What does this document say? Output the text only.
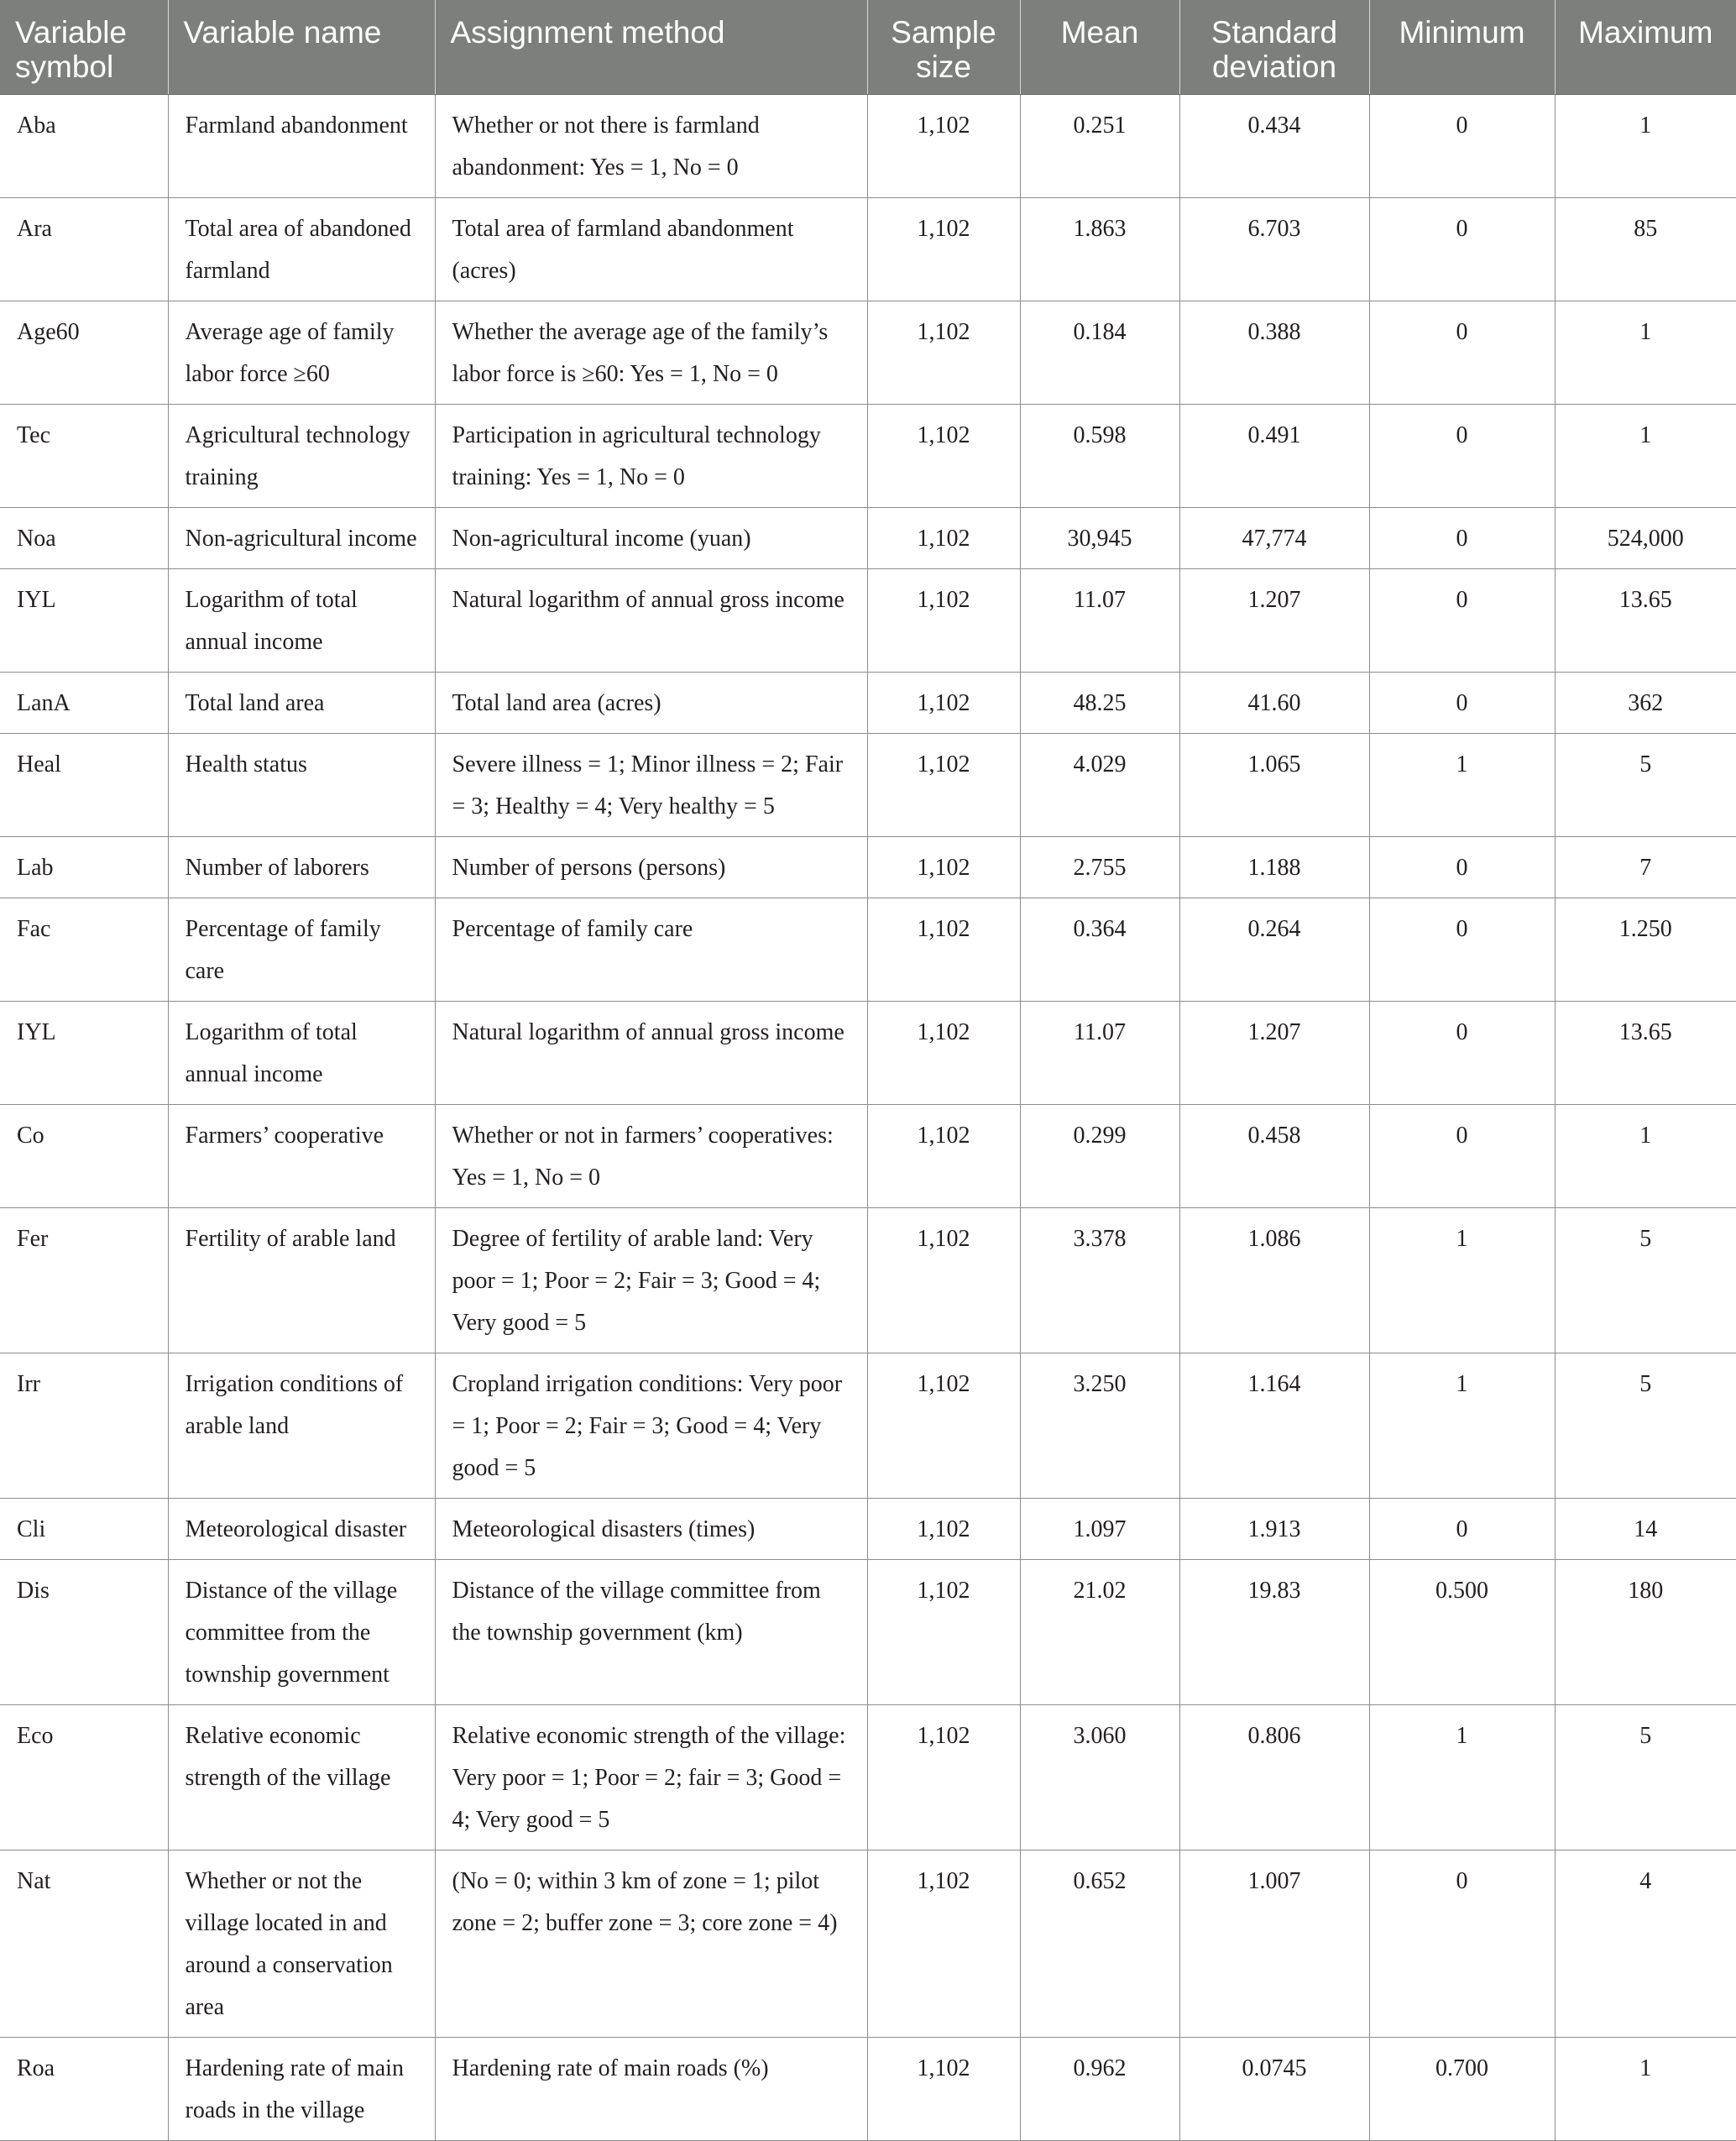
Variable symbol	Variable name	Assignment method	Sample size	Mean	Standard deviation	Minimum	Maximum
Aba	Farmland abandonment	Whether or not there is farmland abandonment: Yes = 1, No = 0	1,102	0.251	0.434	0	1
Ara	Total area of abandoned farmland	Total area of farmland abandonment (acres)	1,102	1.863	6.703	0	85
Age60	Average age of family labor force ≥60	Whether the average age of the family’s labor force is ≥60: Yes = 1, No = 0	1,102	0.184	0.388	0	1
Tec	Agricultural technology training	Participation in agricultural technology training: Yes = 1, No = 0	1,102	0.598	0.491	0	1
Noa	Non-agricultural income	Non-agricultural income (yuan)	1,102	30,945	47,774	0	524,000
IYL	Logarithm of total annual income	Natural logarithm of annual gross income	1,102	11.07	1.207	0	13.65
LanA	Total land area	Total land area (acres)	1,102	48.25	41.60	0	362
Heal	Health status	Severe illness = 1; Minor illness = 2; Fair = 3; Healthy = 4; Very healthy = 5	1,102	4.029	1.065	1	5
Lab	Number of laborers	Number of persons (persons)	1,102	2.755	1.188	0	7
Fac	Percentage of family care	Percentage of family care	1,102	0.364	0.264	0	1.250
IYL	Logarithm of total annual income	Natural logarithm of annual gross income	1,102	11.07	1.207	0	13.65
Co	Farmers’ cooperative	Whether or not in farmers’ cooperatives: Yes = 1, No = 0	1,102	0.299	0.458	0	1
Fer	Fertility of arable land	Degree of fertility of arable land: Very poor = 1; Poor = 2; Fair = 3; Good = 4; Very good = 5	1,102	3.378	1.086	1	5
Irr	Irrigation conditions of arable land	Cropland irrigation conditions: Very poor = 1; Poor = 2; Fair = 3; Good = 4; Very good = 5	1,102	3.250	1.164	1	5
Cli	Meteorological disaster	Meteorological disasters (times)	1,102	1.097	1.913	0	14
Dis	Distance of the village committee from the township government	Distance of the village committee from the township government (km)	1,102	21.02	19.83	0.500	180
Eco	Relative economic strength of the village	Relative economic strength of the village: Very poor = 1; Poor = 2; fair = 3; Good = 4; Very good = 5	1,102	3.060	0.806	1	5
Nat	Whether or not the village located in and around a conservation area	(No = 0; within 3 km of zone = 1; pilot zone = 2; buffer zone = 3; core zone = 4)	1,102	0.652	1.007	0	4
Roa	Hardening rate of main roads in the village	Hardening rate of main roads (%)	1,102	0.962	0.0745	0.700	1
